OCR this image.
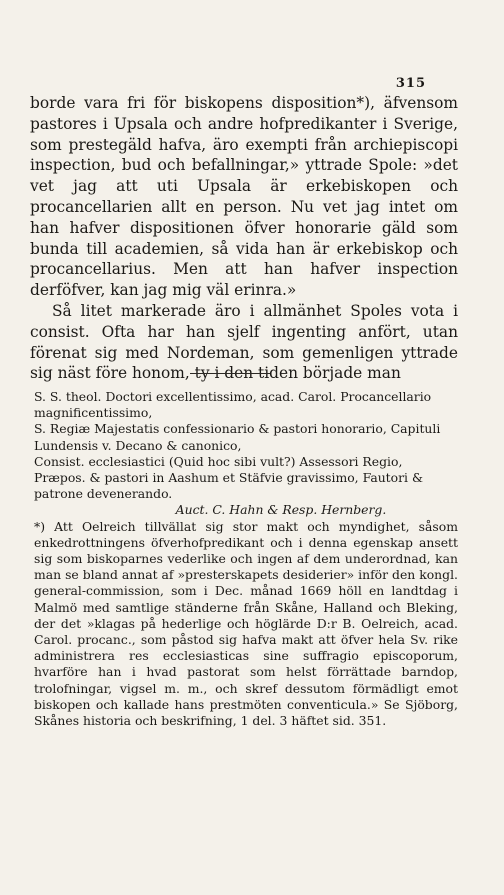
315

borde vara fri för biskopens disposition*), äfvensom pastores i Upsala och andre hofpredikanter i Sverige, som prestegäld hafva, äro exempti från archiepiscopi inspection, bud och befallningar,» yttrade Spole: »det vet jag att uti Upsala är erkebiskopen och procancellarien allt en person. Nu vet jag intet om han hafver dispositionen öfver honorarie gäld som bunda till academien, så vida han är erkebiskop och procancellarius. Men att han hafver inspection derföfver, kan jag mig väl erinra.»

Så litet markerade äro i allmänhet Spoles vota i consist. Ofta har han sjelf ingenting anfört, utan förenat sig med Nordeman, som gemenligen yttrade sig näst före honom, ty i den tiden började man

S. S. theol. Doctori excellentissimo, acad. Carol. Procancellario magnificentissimo,

S. Regiæ Majestatis confessionario & pastori honorario, Capituli Lundensis v. Decano & canonico,

Consist. ecclesiastici (Quid hoc sibi vult?) Assessori Regio,

Præpos. & pastori in Aashum et Stäfvie gravissimo, Fautori & patrone devenerando.

Auct. C. Hahn & Resp. Hernberg.

*) Att Oelreich tillvällat sig stor makt och myndighet, såsom enkedrottningens öfverhofpredikant och i denna egenskap ansett sig som biskoparnes vederlike och ingen af dem underordnad, kan man se bland annat af »presterskapets desiderier» inför den kongl. general-commission, som i Dec. månad 1669 höll en landtdag i Malmö med samtlige ständerne från Skåne, Halland och Bleking, der det »klagas på hederlige och höglärde D:r B. Oelreich, acad. Carol. procanc., som påstod sig hafva makt att öfver hela Sv. rike administrera res ecclesiasticas sine suffragio episcoporum, hvarföre han i hvad pastorat som helst förrättade barndop, trolofningar, vigsel m. m., och skref dessutom förmädligt emot biskopen och kallade hans prestmöten conventicula.» Se Sjöborg, Skånes historia och beskrifning, 1 del. 3 häftet sid. 351.
